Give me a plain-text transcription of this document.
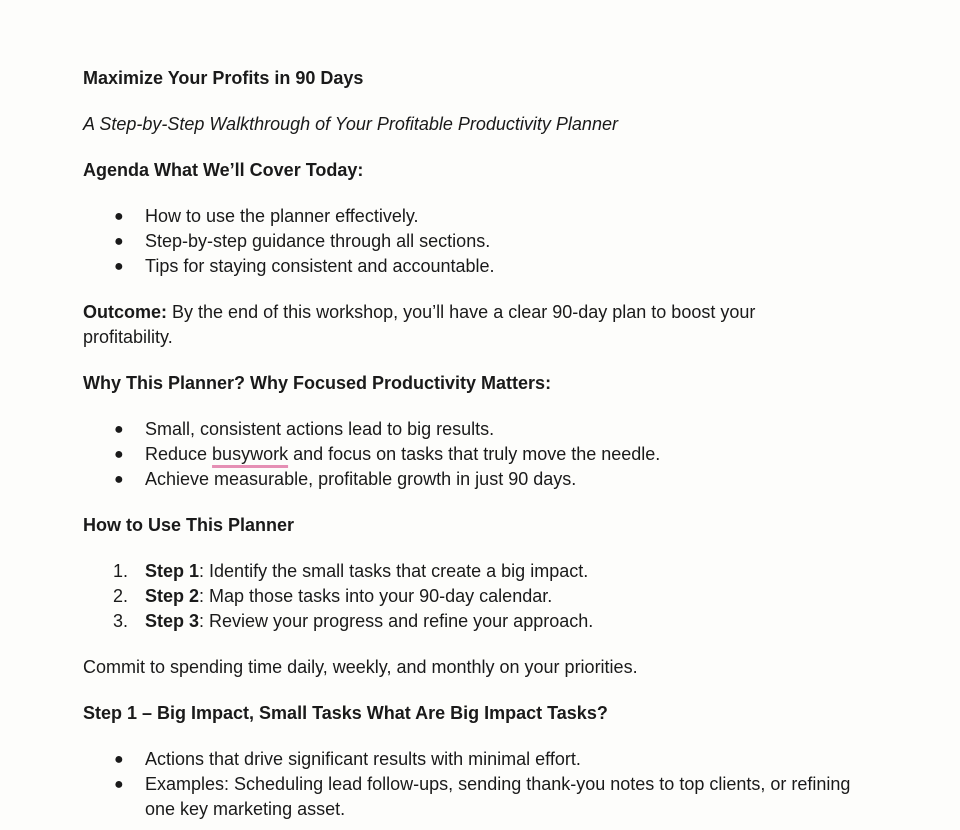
Maximize Your Profits in 90 Days

A Step-by-Step Walkthrough of Your Profitable Productivity Planner

Agenda What We’ll Cover Today:

● How to use the planner effectively.
● Step-by-step guidance through all sections.
● Tips for staying consistent and accountable.

Outcome: By the end of this workshop, you’ll have a clear 90-day plan to boost your
profitability.

Why This Planner? Why Focused Productivity Matters:

● Small, consistent actions lead to big results.
● Reduce busywork and focus on tasks that truly move the needle.
● Achieve measurable, profitable growth in just 90 days.

How to Use This Planner

1. Step 1: Identify the small tasks that create a big impact.
2. Step 2: Map those tasks into your 90-day calendar.
3. Step 3: Review your progress and refine your approach.

Commit to spending time daily, weekly, and monthly on your priorities.

Step 1 – Big Impact, Small Tasks What Are Big Impact Tasks?

● Actions that drive significant results with minimal effort.
● Examples: Scheduling lead follow-ups, sending thank-you notes to top clients, or refining
one key marketing asset.
